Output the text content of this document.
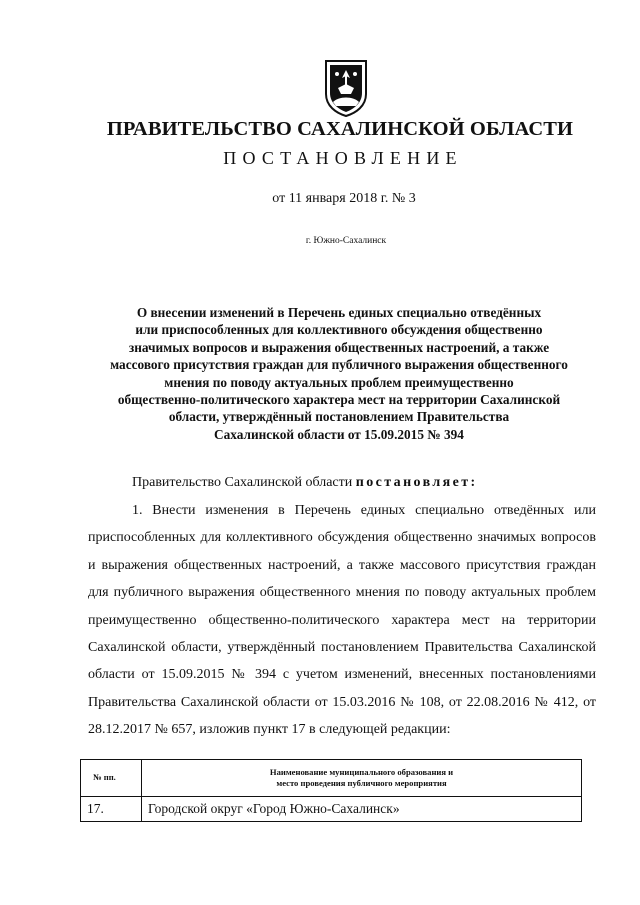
ПРАВИТЕЛЬСТВО САХАЛИНСКОЙ ОБЛАСТИ
ПОСТАНОВЛЕНИЕ
от 11 января 2018 г. № 3
г. Южно-Сахалинск
О внесении изменений в Перечень единых специально отведённых
или приспособленных для коллективного обсуждения общественно
значимых вопросов и выражения общественных настроений, а также
массового присутствия граждан для публичного выражения общественного мнения по поводу актуальных проблем преимущественно
общественно-политического характера мест на территории Сахалинской
области, утверждённый постановлением Правительства
Сахалинской области от 15.09.2015 № 394
Правительство Сахалинской области постановляет:
1. Внести изменения в Перечень единых специально отведённых или приспособленных для коллективного обсуждения общественно значимых вопросов и выражения общественных настроений, а также массового присутствия граждан для публичного выражения общественного мнения по поводу актуальных проблем преимущественно общественно-политического характера мест на территории Сахалинской области, утверждённый постановлением Правительства Сахалинской области от 15.09.2015 № 394 с учетом изменений, внесенных постановлениями Правительства Сахалинской области от 15.03.2016 № 108, от 22.08.2016 № 412, от 28.12.2017 № 657, изложив пункт 17 в следующей редакции:
№ пп.	Наименование муниципального образования и
место проведения публичного мероприятия

17.	Городской округ «Город Южно-Сахалинск»
